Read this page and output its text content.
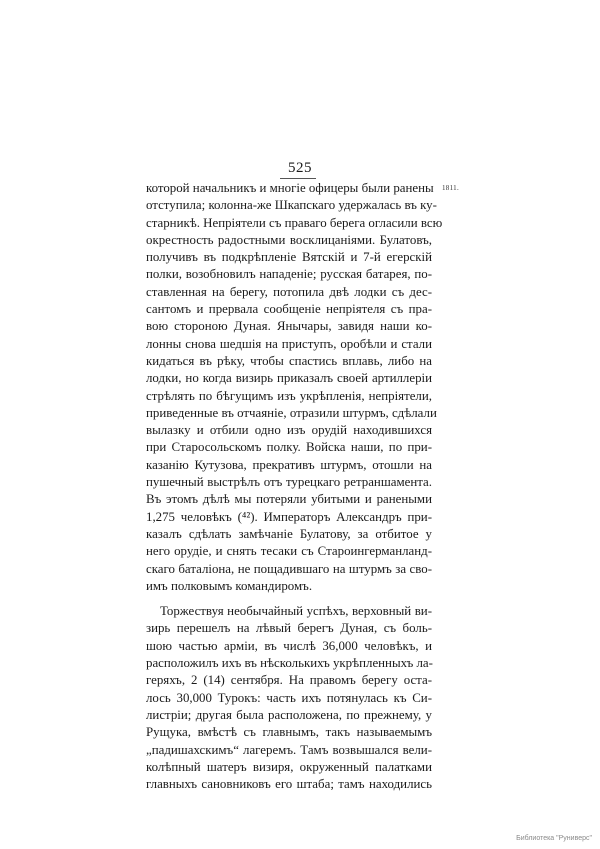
525
1811.
которой начальникъ и многіе офицеры были ранены
отступила; колонна-же Шкапскаго удержалась въ ку-
старникѣ. Непріятели съ праваго берега огласили всю
окрестность радостными восклицаніями. Булатовъ,
получивъ въ подкрѣпленіе Вятскій и 7-й егерскій
полки, возобновилъ нападеніе; русская батарея, по-
ставленная на берегу, потопила двѣ лодки съ дес-
сантомъ и прервала сообщеніе непріятеля съ пра-
вою стороною Дуная. Янычары, завидя наши ко-
лонны снова шедшія на приступъ, оробѣли и стали
кидаться въ рѣку, чтобы спастись вплавь, либо на
лодки, но когда визирь приказалъ своей артиллеріи
стрѣлять по бѣгущимъ изъ укрѣпленія, непріятели,
приведенные въ отчаяніе, отразили штурмъ, сдѣлали
вылазку и отбили одно изъ орудій находившихся
при Старосольскомъ полку. Войска наши, по при-
казанію Кутузова, прекративъ штурмъ, отошли на
пушечный выстрѣлъ отъ турецкаго ретраншамента.
Въ этомъ дѣлѣ мы потеряли убитыми и ранеными
1,275 человѣкъ (⁴²). Императоръ Александръ при-
казалъ сдѣлать замѣчаніе Булатову, за отбитое у
него орудіе, и снять тесаки съ Староингерманланд-
скаго баталіона, не пощадившаго на штурмъ за сво-
имъ полковымъ командиромъ.
Торжествуя необычайный успѣхъ, верховный ви-
зирь перешелъ на лѣвый берегъ Дуная, съ боль-
шою частью арміи, въ числѣ 36,000 человѣкъ, и
расположилъ ихъ въ нѣсколькихъ укрѣпленныхъ ла-
геряхъ, 2 (14) сентября. На правомъ берегу оста-
лось 30,000 Турокъ: часть ихъ потянулась къ Си-
листріи; другая была расположена, по прежнему, у
Рущука, вмѣстѣ съ главнымъ, такъ называемымъ
„падишахскимъ“ лагеремъ. Тамъ возвышался вели-
колѣпный шатеръ визиря, окруженный палатками
главныхъ сановниковъ его штаба; тамъ находились
Библиотека "Руниверс"
